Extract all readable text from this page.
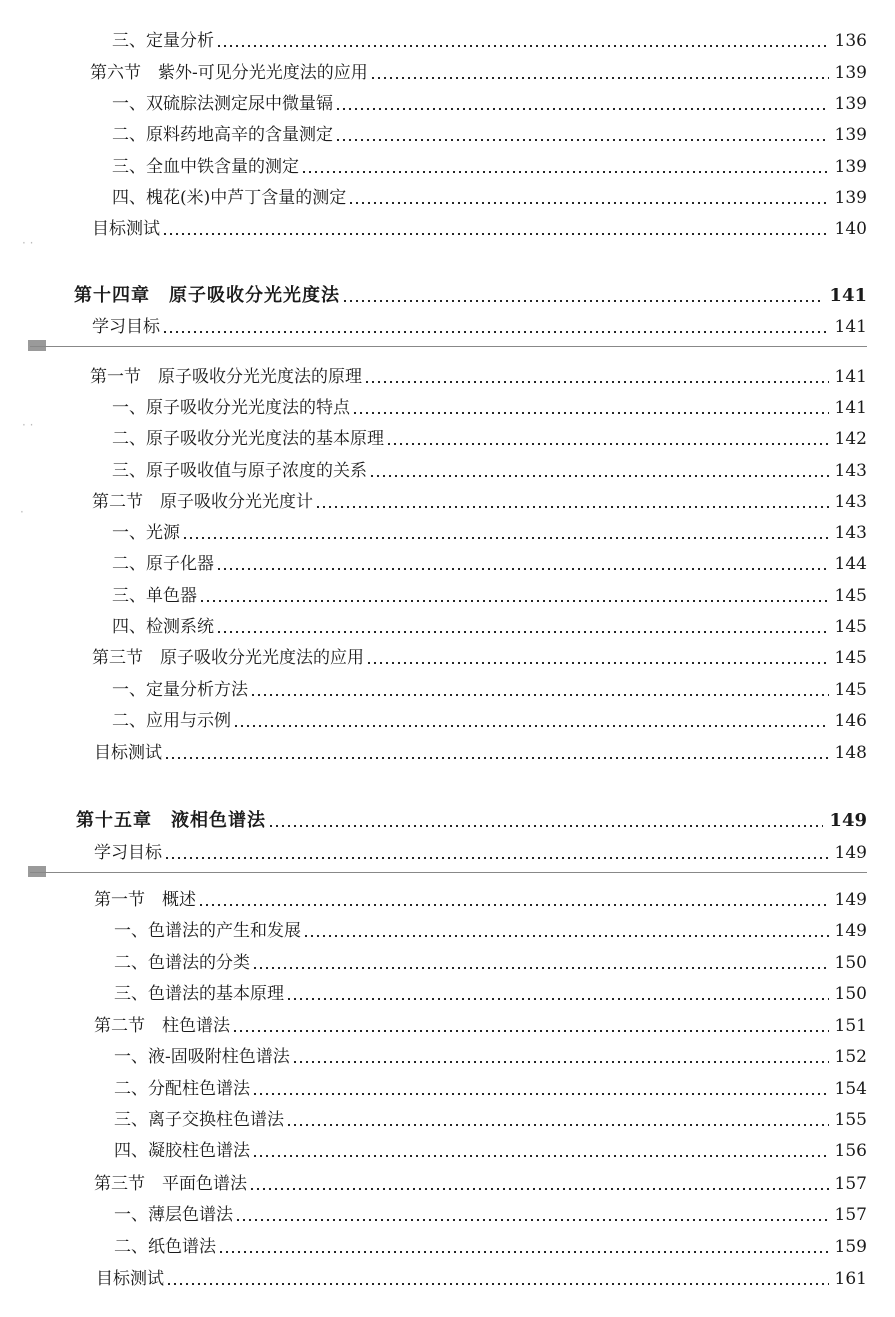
三、定量分析	136
第六节　紫外-可见分光光度法的应用	139
一、双硫腙法测定尿中微量镉	139
二、原料药地高辛的含量测定	139
三、全血中铁含量的测定	139
四、槐花(米)中芦丁含量的测定	139
目标测试	140
第十四章　原子吸收分光光度法	141
学习目标	141
第一节　原子吸收分光光度法的原理	141
一、原子吸收分光光度法的特点	141
二、原子吸收分光光度法的基本原理	142
三、原子吸收值与原子浓度的关系	143
第二节　原子吸收分光光度计	143
一、光源	143
二、原子化器	144
三、单色器	145
四、检测系统	145
第三节　原子吸收分光光度法的应用	145
一、定量分析方法	145
二、应用与示例	146
目标测试	148
第十五章　液相色谱法	149
学习目标	149
第一节　概述	149
一、色谱法的产生和发展	149
二、色谱法的分类	150
三、色谱法的基本原理	150
第二节　柱色谱法	151
一、液-固吸附柱色谱法	152
二、分配柱色谱法	154
三、离子交换柱色谱法	155
四、凝胶柱色谱法	156
第三节　平面色谱法	157
一、薄层色谱法	157
二、纸色谱法	159
目标测试	161
· ·
· ·
·
